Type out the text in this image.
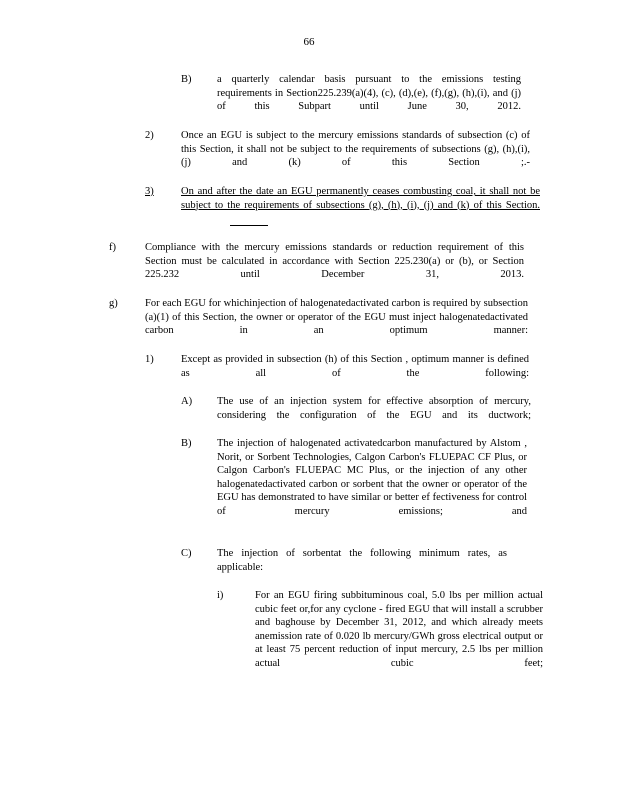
66
B) a quarterly calendar basis pursuant to the emissions testing requirements in Section225.239(a)(4), (c), (d),(e), (f),(g), (h),(i), and (j) of this Subpart until June 30, 2012.
2)	Once an EGU is subject to the mercury emissions standards of subsection (c) of this Section, it shall not be subject to the requirements of subsections (g), (h),(i), (j) and (k) of this Section ;.-
3)	On and after the date an EGU permanently ceases combusting coal, it shall not be subject to the requirements of subsections (g), (h), (i), (j) and (k) of this Section.
f)	Compliance with the mercury emissions standards or reduction requirement of this Section must be calculated in accordance with Section 225.230(a) or (b), or Section 225.232 until December 31, 2013.
g)	For each EGU for whichinjection of halogenatedactivated carbon is required by subsection (a)(1) of this Section, the owner or operator of the EGU must inject halogenatedactivated carbon in an optimum manner:
1)	Except as provided in subsection (h) of this Section , optimum manner is defined as all of the following:
A) The use of an injection system for effective absorption of mercury, considering the configuration of the EGU and its ductwork;
B) The injection of halogenated activatedcarbon manufactured by Alstom , Norit, or Sorbent Technologies, Calgon Carbon's FLUEPAC CF Plus, or Calgon Carbon's FLUEPAC MC Plus, or the injection of any other halogenatedactivated carbon or sorbent that the owner or operator of the EGU has demonstrated to have similar or better ef fectiveness for control of mercury emissions; and
C) The injection of sorbentat the following minimum rates, as applicable:
i)	For an EGU firing subbituminous coal, 5.0 lbs per million actual cubic feet or,for any cyclone - fired EGU that will install a scrubber and baghouse by December 31, 2012, and which already meets anemission rate of 0.020 lb mercury/GWh gross electrical output or at least 75 percent reduction of input mercury, 2.5 lbs per million actual cubic feet;
